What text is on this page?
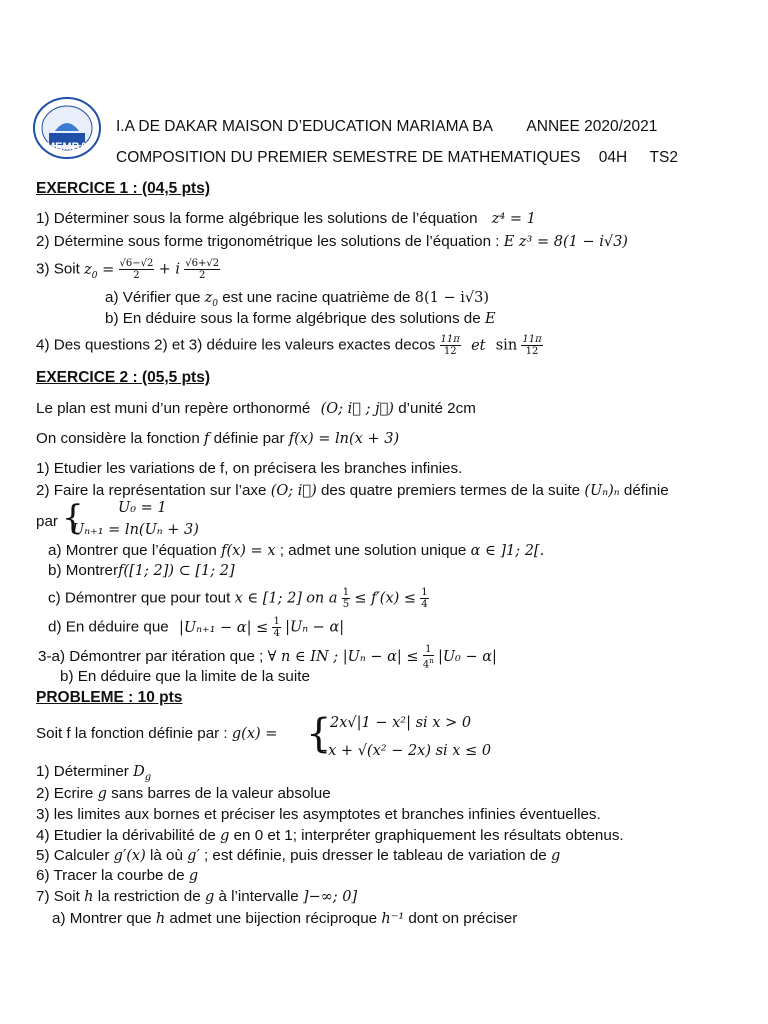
MEMBA
I.A DE DAKAR MAISON D’EDUCATION MARIAMA BA ANNEE 2020/2021
COMPOSITION DU PREMIER SEMESTRE DE MATHEMATIQUES 04H TS2
EXERCICE 1 : (04,5 pts)
1) Déterminer sous la forme algébrique les solutions de l’équation z⁴ = 1
2) Détermine sous forme trigonométrique les solutions de l’équation : E z³ = 8(1 − i√3)
3) Soit $z_0 = \frac{√6-√2}{2} + i \frac{√6+√2}{2}$
a) Vérifier que $z_0$ est une racine quatrième de 8(1 − i√3)
b) En déduire sous la forme algébrique des solutions de E
4) Des questions 2) et 3) déduire les valeurs exactes decos $\frac{11\pi}{12}$ et $\sin \frac{11\pi}{12}$
EXERCICE 2 : (05,5 pts)
Le plan est muni d’un repère orthonormé (O; i⃗ ; j⃗) d’unité 2cm
On considère la fonction f définie par f(x) = ln(x + 3)
1) Etudier les variations de f, on précisera les branches infinies.
2) Faire la représentation sur l’axe (O; i⃗) des quatre premiers termes de la suite (Uₙ)ₙ définie
par { U₀ = 1
Uₙ₊₁ = ln(Uₙ + 3)
a) Montrer que l’équation f(x) = x ; admet une solution unique α ∈ ]1; 2[.
b) Montrerf([1; 2]) ⊂ [1; 2]
c) Démontrer que pour tout x ∈ [1; 2] on a $\frac{1}{5} \le f'(x) \le \frac{1}{4}$
d) En déduire que $|U_{n+1} - \alpha| \le \frac{1}{4} |U_n - \alpha|$
3-a) Démontrer par itération que ; ∀ n ∈ IN ; $|U_n - \alpha| \le \frac{1}{4^n} |U_0 - \alpha|$
b) En déduire que la limite de la suite
PROBLEME : 10 pts
Soit f la fonction définie par : g(x) = {
2x√|1 − x²| si x > 0
−x + √(x² − 2x) si x ≤ 0
1) Déterminer $D_g$
2) Ecrire g sans barres de la valeur absolue
3) les limites aux bornes et préciser les asymptotes et branches infinies éventuelles.
4) Etudier la dérivabilité de g en 0 et 1; interpréter graphiquement les résultats obtenus.
5) Calculer g′(x) là où g′ ; est définie, puis dresser le tableau de variation de g
6) Tracer la courbe de g
7) Soit h la restriction de g à l’intervalle ]−∞; 0]
a) Montrer que h admet une bijection réciproque h⁻¹ dont on préciser
